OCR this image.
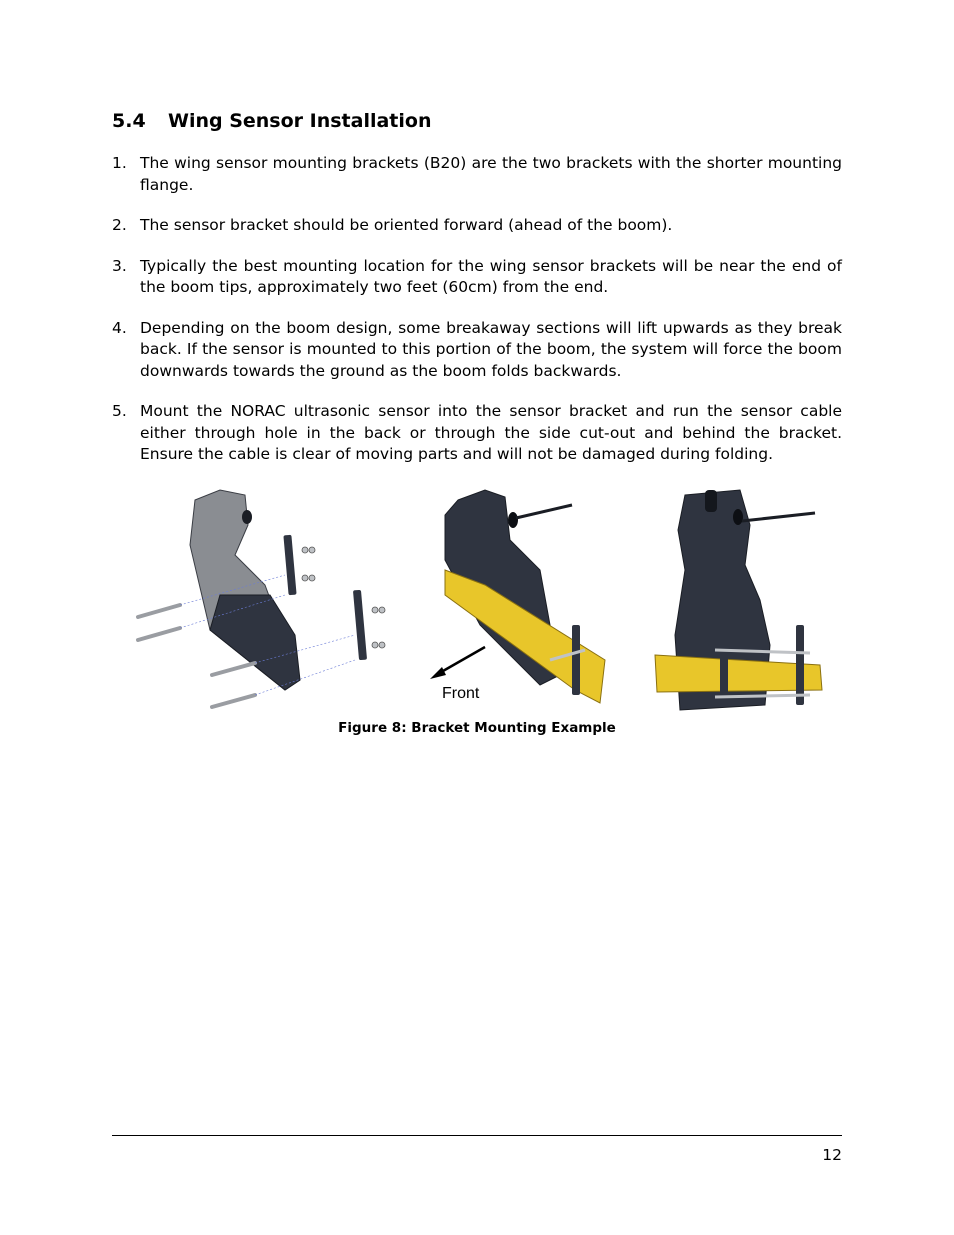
5.4 Wing Sensor Installation
1. The wing sensor mounting brackets (B20) are the two brackets with the shorter mounting flange.
2. The sensor bracket should be oriented forward (ahead of the boom).
3. Typically the best mounting location for the wing sensor brackets will be near the end of the boom tips, approximately two feet (60cm) from the end.
4. Depending on the boom design, some breakaway sections will lift upwards as they break back. If the sensor is mounted to this portion of the boom, the system will force the boom downwards towards the ground as the boom folds backwards.
5. Mount the NORAC ultrasonic sensor into the sensor bracket and run the sensor cable either through hole in the back or through the side cut-out and behind the bracket. Ensure the cable is clear of moving parts and will not be damaged during folding.
Front
Figure 8: Bracket Mounting Example
12
